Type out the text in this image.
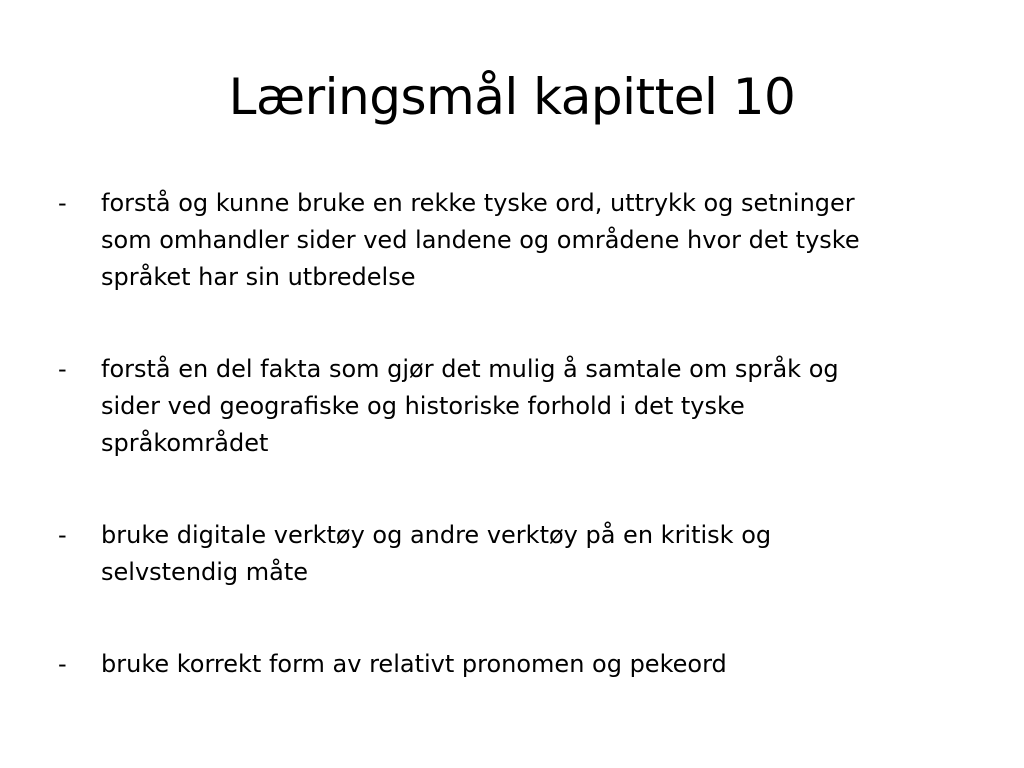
Læringsmål kapittel 10
-	forstå og kunne bruke en rekke tyske ord, uttrykk og setninger
som omhandler sider ved landene og områdene hvor det tyske
språket har sin utbredelse
-	forstå en del fakta som gjør det mulig å samtale om språk og
sider ved geografiske og historiske forhold i det tyske
språkområdet
-	bruke digitale verktøy og andre verktøy på en kritisk og
selvstendig måte
-	bruke korrekt form av relativt pronomen og pekeord
